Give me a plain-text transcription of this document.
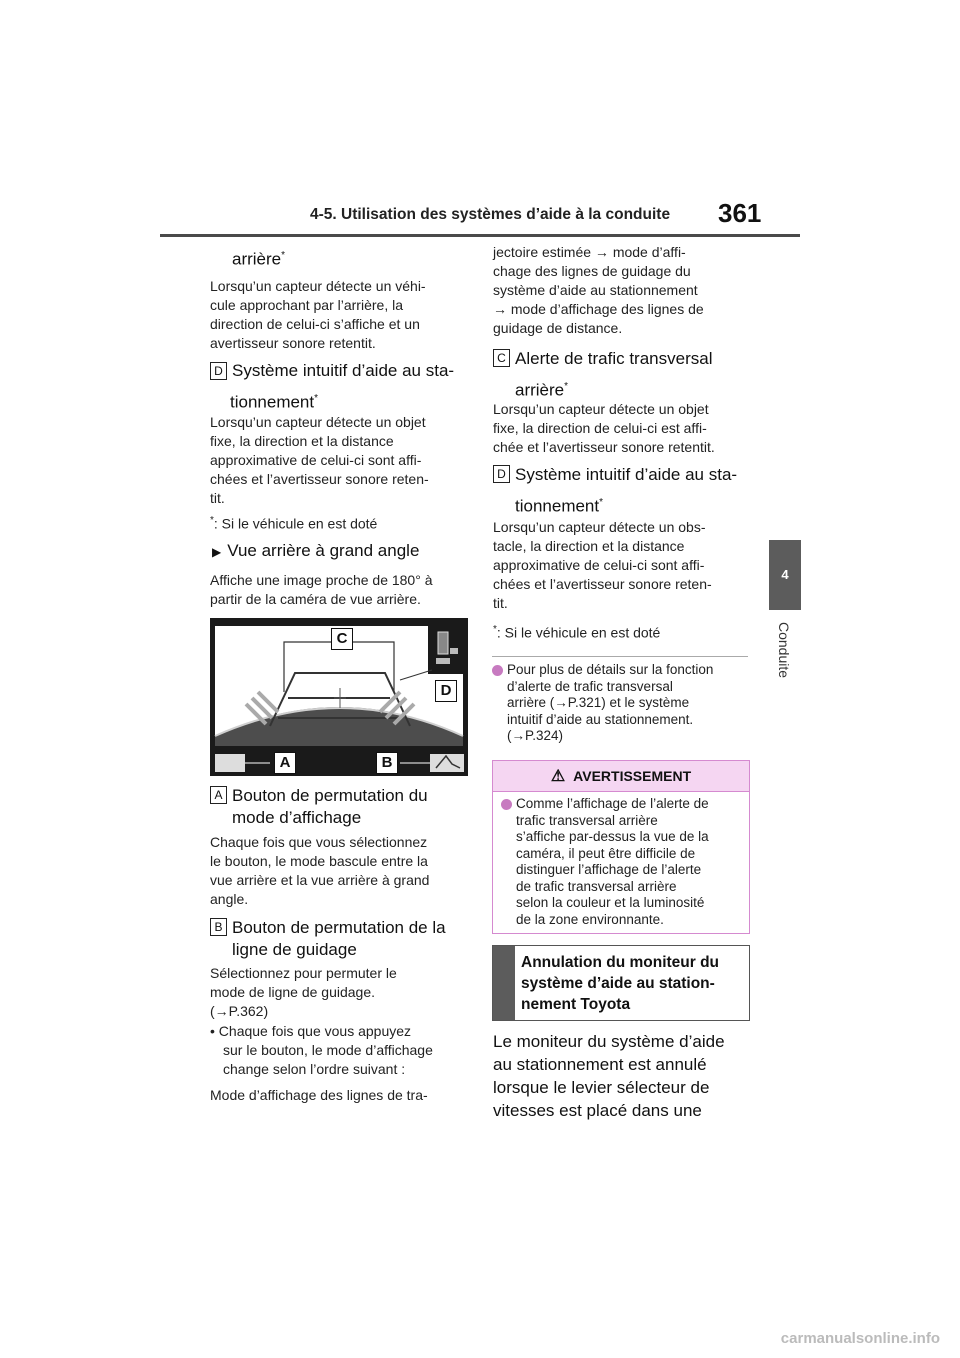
4-5. Utilisation des systèmes d’aide à la conduite 361
4
Conduite
arrière*
Lorsqu’un capteur détecte un véhi-
cule approchant par l’arrière, la
direction de celui-ci s’affiche et un
avertisseur sonore retentit.
D Système intuitif d’aide au sta-
tionnement*
Lorsqu’un capteur détecte un objet
fixe, la direction et la distance
approximative de celui-ci sont affi-
chées et l’avertisseur sonore reten-
tit.
*: Si le véhicule en est doté
▶ Vue arrière à grand angle
Affiche une image proche de 180° à
partir de la caméra de vue arrière.
C
D
A	B
A Bouton de permutation du
mode d’affichage
Chaque fois que vous sélectionnez
le bouton, le mode bascule entre la
vue arrière et la vue arrière à grand
angle.
B Bouton de permutation de la
ligne de guidage
Sélectionnez pour permuter le
mode de ligne de guidage.
(→P.362)
• Chaque fois que vous appuyez
sur le bouton, le mode d’affichage
change selon l’ordre suivant :
Mode d’affichage des lignes de tra-
jectoire estimée → mode d’affi-
chage des lignes de guidage du
système d’aide au stationnement
→ mode d’affichage des lignes de
guidage de distance.
C Alerte de trafic transversal
arrière*
Lorsqu’un capteur détecte un objet
fixe, la direction de celui-ci est affi-
chée et l’avertisseur sonore retentit.
D Système intuitif d’aide au sta-
tionnement*
Lorsqu’un capteur détecte un obs-
tacle, la direction et la distance
approximative de celui-ci sont affi-
chées et l’avertisseur sonore reten-
tit.
*: Si le véhicule en est doté
Pour plus de détails sur la fonction
d’alerte de trafic transversal
arrière (→P.321) et le système
intuitif d’aide au stationnement.
(→P.324)
⚠ AVERTISSEMENT
Comme l’affichage de l’alerte de
trafic transversal arrière
s’affiche par-dessus la vue de la
caméra, il peut être difficile de
distinguer l’affichage de l’alerte
de trafic transversal arrière
selon la couleur et la luminosité
de la zone environnante.
Annulation du moniteur du
système d’aide au station-
nement Toyota
Le moniteur du système d’aide
au stationnement est annulé
lorsque le levier sélecteur de
vitesses est placé dans une
carmanualsonline.info
